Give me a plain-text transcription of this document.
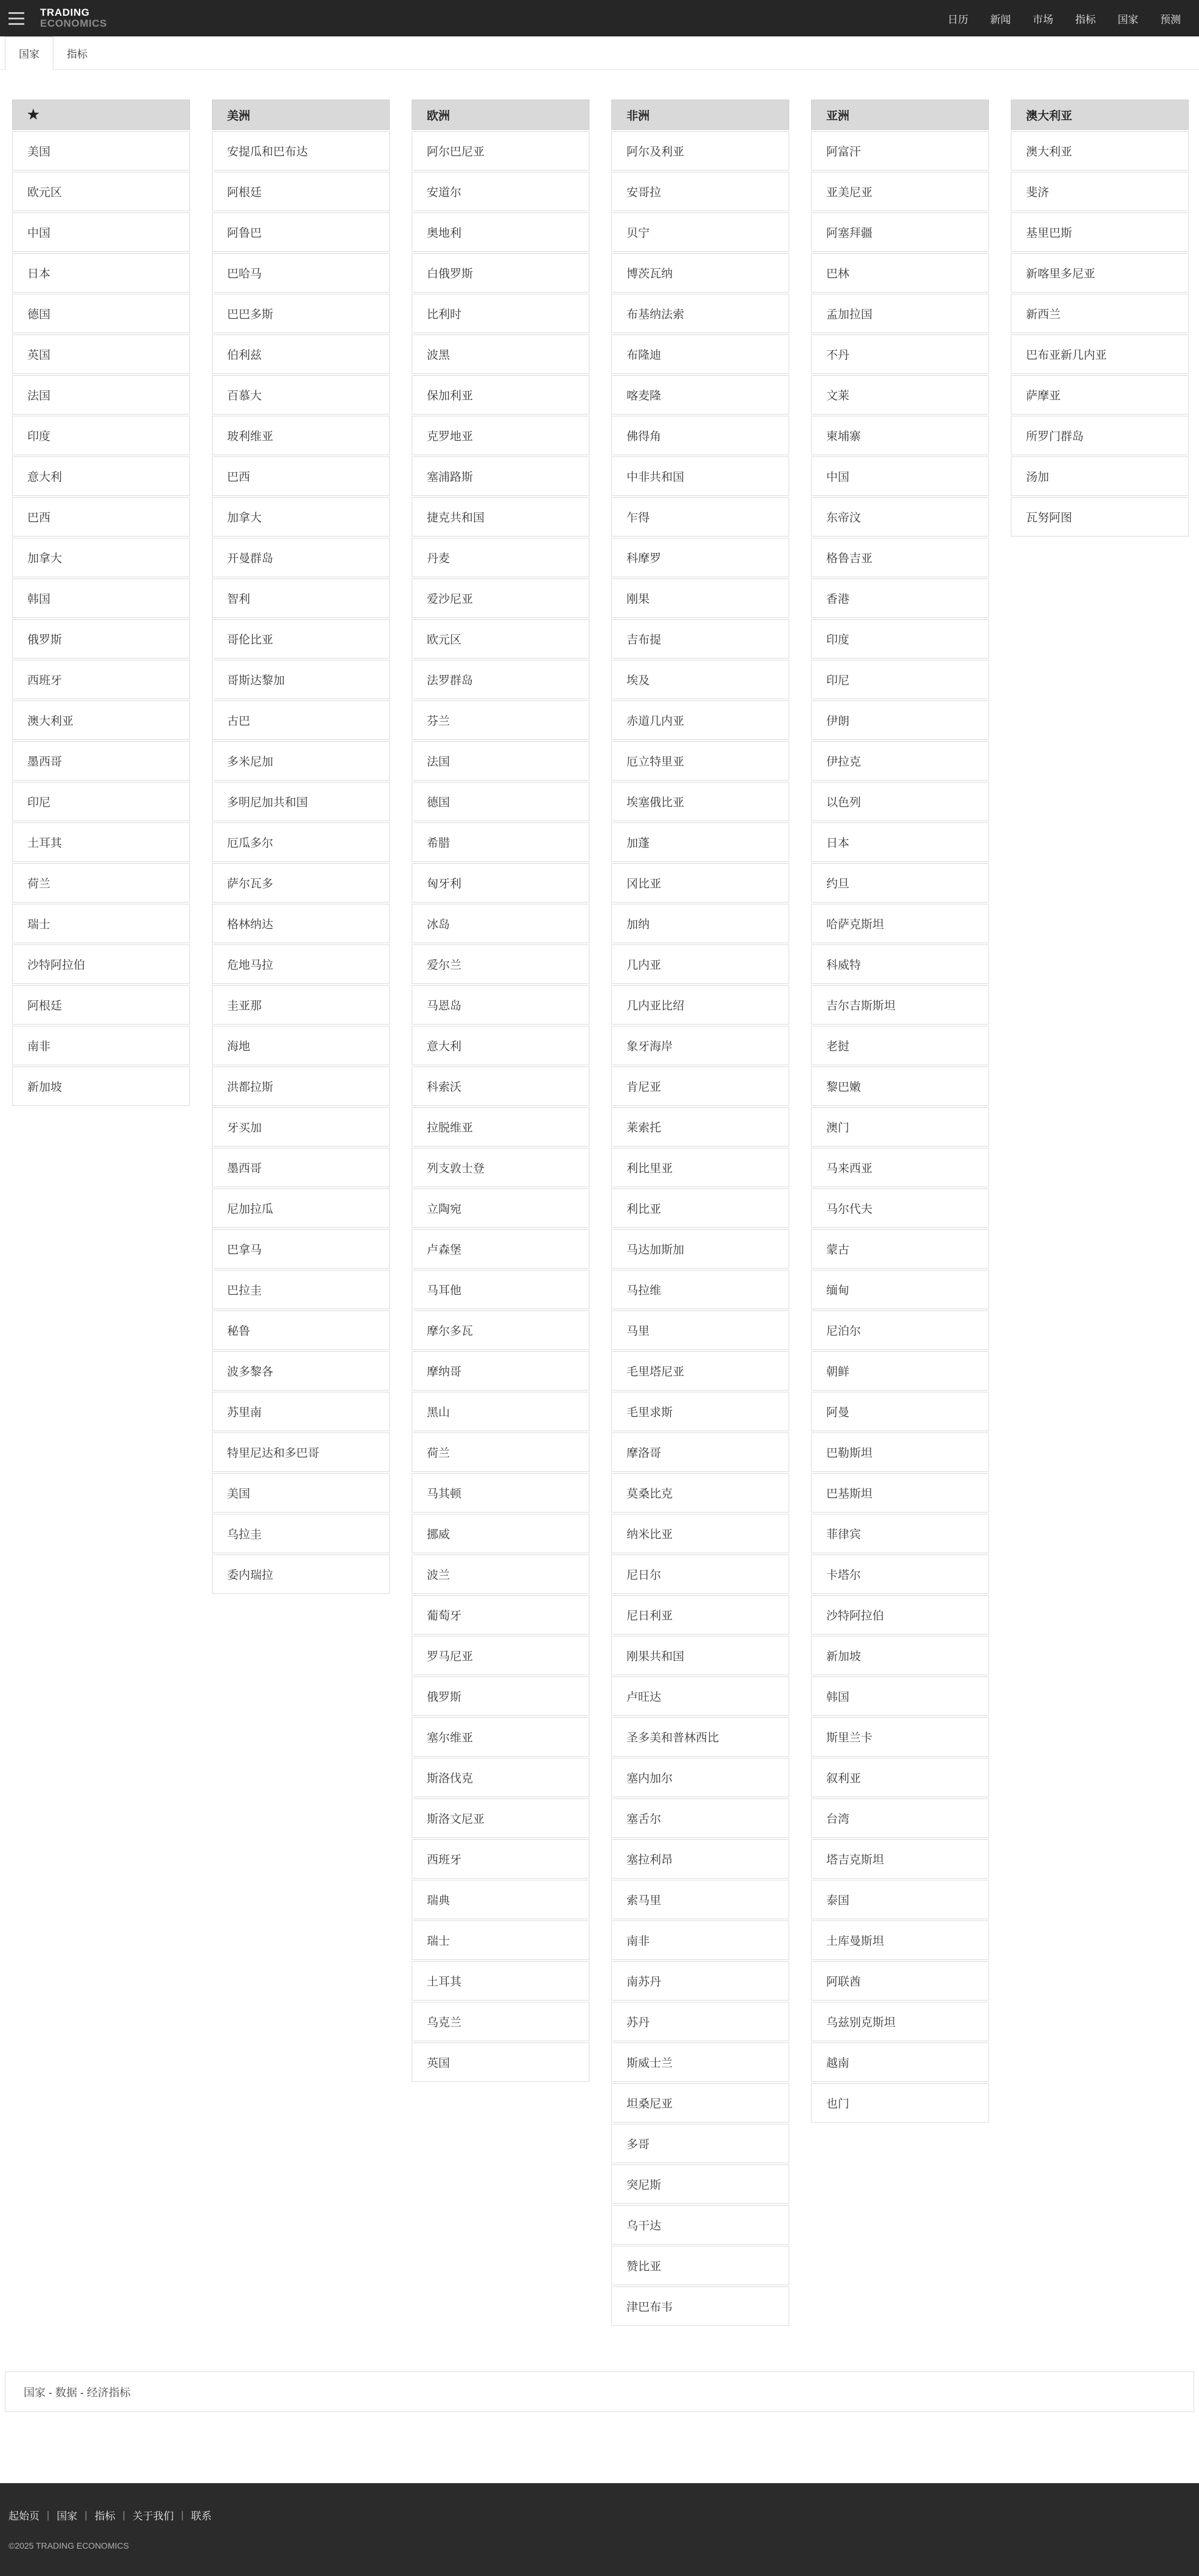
TRADING
ECONOMICS	日历 新闻 市场 指标 国家 预测
国家	指标
★
美国
欧元区
中国
日本
德国
英国
法国
印度
意大利
巴西
加拿大
韩国
俄罗斯
西班牙
澳大利亚
墨西哥
印尼
土耳其
荷兰
瑞士
沙特阿拉伯
阿根廷
南非
新加坡
美洲
安提瓜和巴布达
阿根廷
阿鲁巴
巴哈马
巴巴多斯
伯利兹
百慕大
玻利维亚
巴西
加拿大
开曼群岛
智利
哥伦比亚
哥斯达黎加
古巴
多米尼加
多明尼加共和国
厄瓜多尔
萨尔瓦多
格林纳达
危地马拉
圭亚那
海地
洪都拉斯
牙买加
墨西哥
尼加拉瓜
巴拿马
巴拉圭
秘鲁
波多黎各
苏里南
特里尼达和多巴哥
美国
乌拉圭
委内瑞拉
欧洲
阿尔巴尼亚
安道尔
奥地利
白俄罗斯
比利时
波黑
保加利亚
克罗地亚
塞浦路斯
捷克共和国
丹麦
爱沙尼亚
欧元区
法罗群岛
芬兰
法国
德国
希腊
匈牙利
冰岛
爱尔兰
马恩岛
意大利
科索沃
拉脱维亚
列支敦士登
立陶宛
卢森堡
马耳他
摩尔多瓦
摩纳哥
黑山
荷兰
马其顿
挪威
波兰
葡萄牙
罗马尼亚
俄罗斯
塞尔维亚
斯洛伐克
斯洛文尼亚
西班牙
瑞典
瑞士
土耳其
乌克兰
英国
非洲
阿尔及利亚
安哥拉
贝宁
博茨瓦纳
布基纳法索
布隆迪
喀麦隆
佛得角
中非共和国
乍得
科摩罗
刚果
吉布提
埃及
赤道几内亚
厄立特里亚
埃塞俄比亚
加蓬
冈比亚
加纳
几内亚
几内亚比绍
象牙海岸
肯尼亚
莱索托
利比里亚
利比亚
马达加斯加
马拉维
马里
毛里塔尼亚
毛里求斯
摩洛哥
莫桑比克
纳米比亚
尼日尔
尼日利亚
刚果共和国
卢旺达
圣多美和普林西比
塞内加尔
塞舌尔
塞拉利昂
索马里
南非
南苏丹
苏丹
斯威士兰
坦桑尼亚
多哥
突尼斯
乌干达
赞比亚
津巴布韦
亚洲
阿富汗
亚美尼亚
阿塞拜疆
巴林
孟加拉国
不丹
文莱
柬埔寨
中国
东帝汶
格鲁吉亚
香港
印度
印尼
伊朗
伊拉克
以色列
日本
约旦
哈萨克斯坦
科威特
吉尔吉斯斯坦
老挝
黎巴嫩
澳门
马来西亚
马尔代夫
蒙古
缅甸
尼泊尔
朝鲜
阿曼
巴勒斯坦
巴基斯坦
菲律宾
卡塔尔
沙特阿拉伯
新加坡
韩国
斯里兰卡
叙利亚
台湾
塔吉克斯坦
泰国
土库曼斯坦
阿联酋
乌兹别克斯坦
越南
也门
澳大利亚
澳大利亚
斐济
基里巴斯
新喀里多尼亚
新西兰
巴布亚新几内亚
萨摩亚
所罗门群岛
汤加
瓦努阿图
国家 - 数据 - 经济指标
起始页 | 国家 | 指标 | 关于我们 | 联系
©2025 TRADING ECONOMICS
